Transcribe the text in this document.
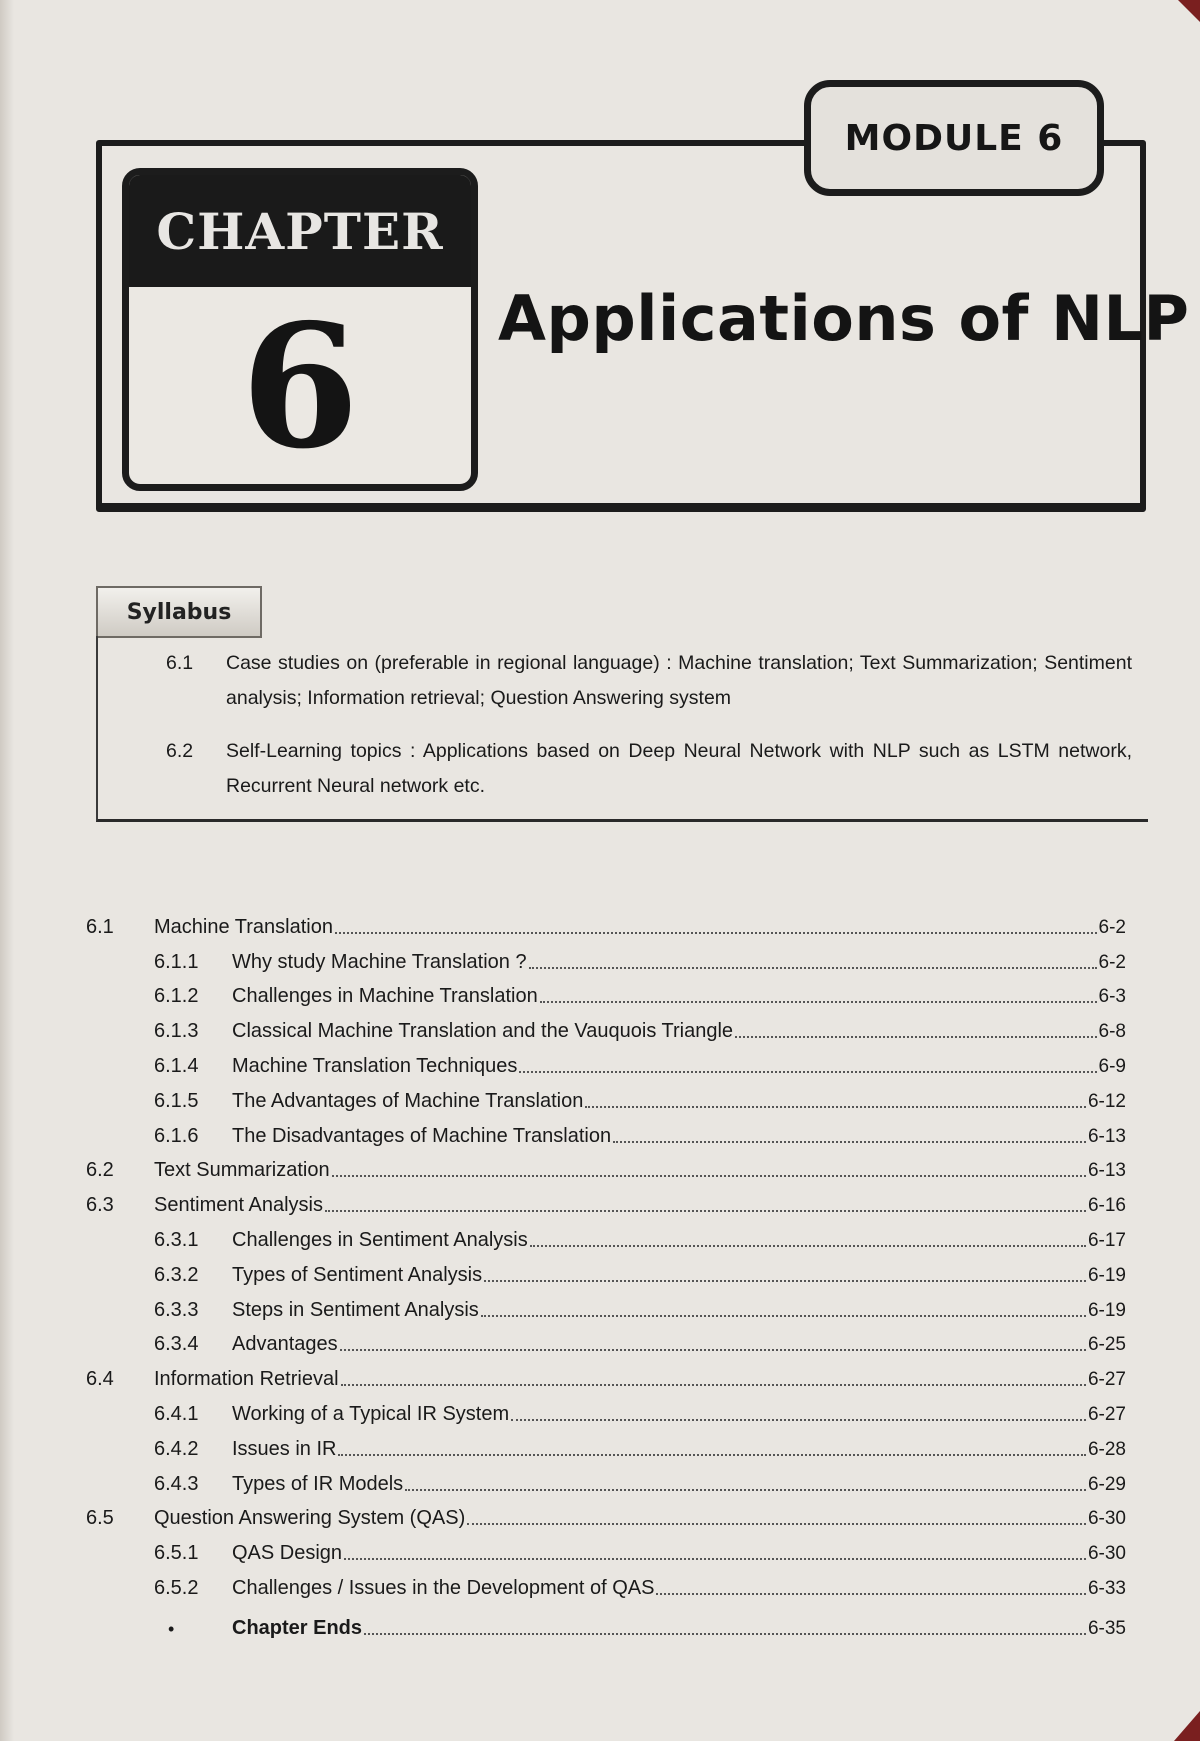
MODULE 6
CHAPTER
6 Applications of NLP
Syllabus
6.1	Case studies on (preferable in regional language) : Machine translation; Text Summarization; Sentiment analysis; Information retrieval; Question Answering system
6.2	Self-Learning topics : Applications based on Deep Neural Network with NLP such as LSTM network, Recurrent Neural network etc.
6.1	Machine Translation	6-2
6.1.1	Why study Machine Translation ?	6-2
6.1.2	Challenges in Machine Translation	6-3
6.1.3	Classical Machine Translation and the Vauquois Triangle	6-8
6.1.4	Machine Translation Techniques	6-9
6.1.5	The Advantages of Machine Translation	6-12
6.1.6	The Disadvantages of Machine Translation	6-13
6.2	Text Summarization	6-13
6.3	Sentiment Analysis	6-16
6.3.1	Challenges in Sentiment Analysis	6-17
6.3.2	Types of Sentiment Analysis	6-19
6.3.3	Steps in Sentiment Analysis	6-19
6.3.4	Advantages	6-25
6.4	Information Retrieval	6-27
6.4.1	Working of a Typical IR System	6-27
6.4.2	Issues in IR	6-28
6.4.3	Types of IR Models	6-29
6.5	Question Answering System (QAS)	6-30
6.5.1	QAS Design	6-30
6.5.2	Challenges / Issues in the Development of QAS	6-33
•	Chapter Ends	6-35
